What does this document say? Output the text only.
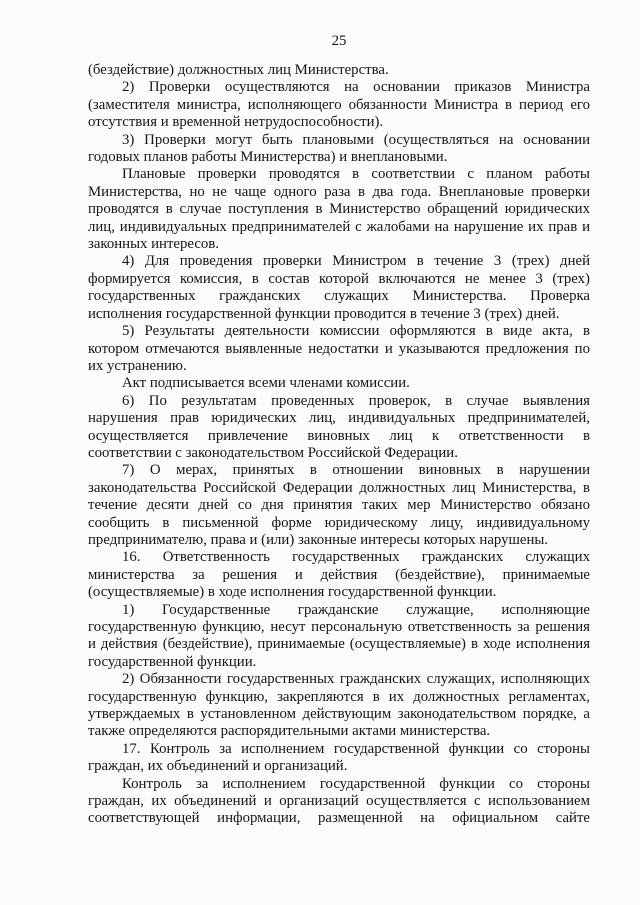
25
(бездействие) должностных лиц Министерства.
2) Проверки осуществляются на основании приказов Министра
(заместителя министра, исполняющего обязанности Министра в период его
отсутствия и временной нетрудоспособности).
3) Проверки могут быть плановыми (осуществляться на основании
годовых планов работы Министерства) и внеплановыми.
Плановые проверки проводятся в соответствии с планом работы
Министерства, но не чаще одного раза в два года. Внеплановые проверки
проводятся в случае поступления в Министерство обращений юридических
лиц, индивидуальных предпринимателей с жалобами на нарушение их прав и
законных интересов.
4) Для проведения проверки Министром в течение 3 (трех) дней
формируется комиссия, в состав которой включаются не менее 3 (трех)
государственных гражданских служащих Министерства. Проверка
исполнения государственной функции проводится в течение 3 (трех) дней.
5) Результаты деятельности комиссии оформляются в виде акта, в
котором отмечаются выявленные недостатки и указываются предложения по
их устранению.
Акт подписывается всеми членами комиссии.
6) По результатам проведенных проверок, в случае выявления
нарушения прав юридических лиц, индивидуальных предпринимателей,
осуществляется привлечение виновных лиц к ответственности в
соответствии с законодательством Российской Федерации.
7) О мерах, принятых в отношении виновных в нарушении
законодательства Российской Федерации должностных лиц Министерства, в
течение десяти дней со дня принятия таких мер Министерство обязано
сообщить в письменной форме юридическому лицу, индивидуальному
предпринимателю, права и (или) законные интересы которых нарушены.
16. Ответственность государственных гражданских служащих
министерства за решения и действия (бездействие), принимаемые
(осуществляемые) в ходе исполнения государственной функции.
1) Государственные гражданские служащие, исполняющие
государственную функцию, несут персональную ответственность за решения
и действия (бездействие), принимаемые (осуществляемые) в ходе исполнения
государственной функции.
2) Обязанности государственных гражданских служащих, исполняющих
государственную функцию, закрепляются в их должностных регламентах,
утверждаемых в установленном действующим законодательством порядке, а
также определяются распорядительными актами министерства.
17. Контроль за исполнением государственной функции со стороны
граждан, их объединений и организаций.
Контроль за исполнением государственной функции со стороны
граждан, их объединений и организаций осуществляется с использованием
соответствующей информации, размещенной на официальном сайте
